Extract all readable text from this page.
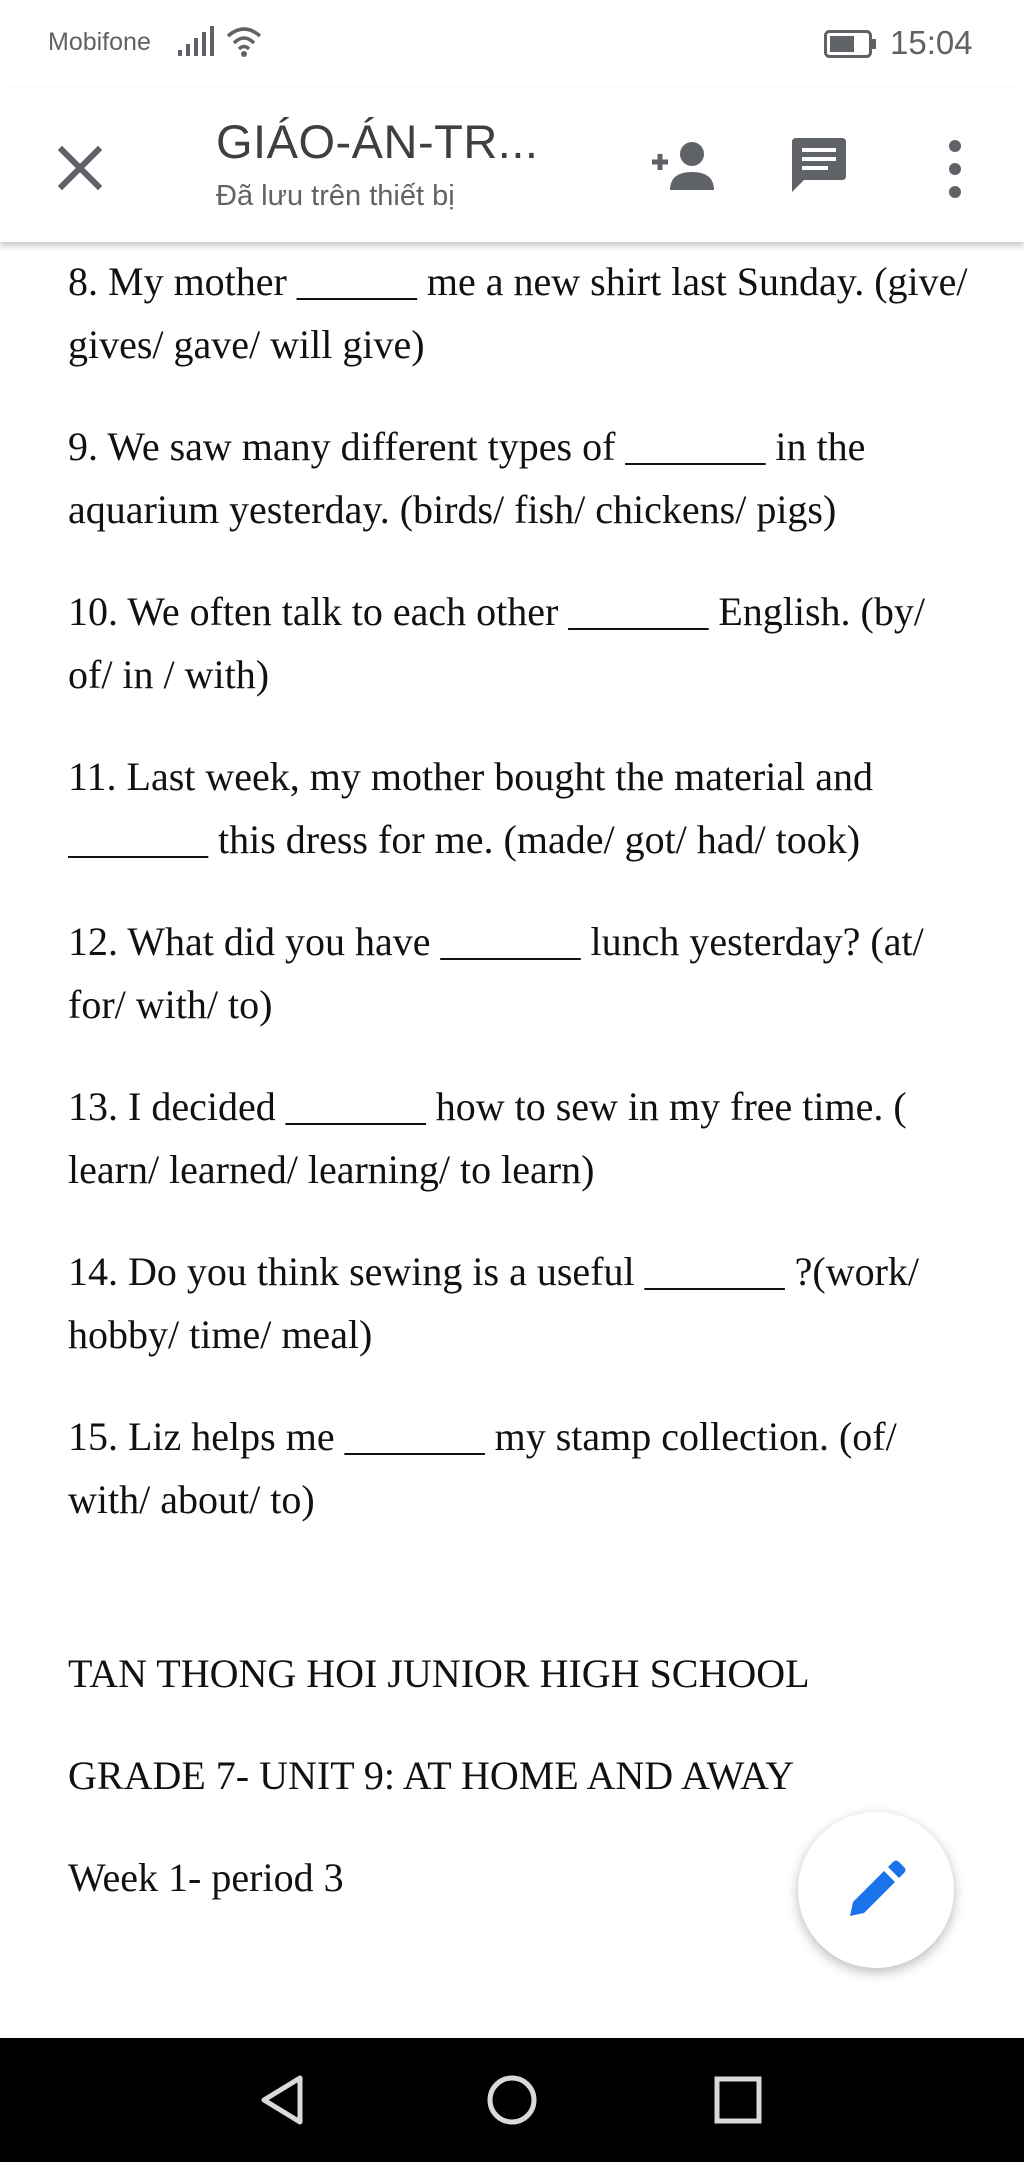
Mobifone	15:04
GIÁO-ÁN-TR...
Đã lưu trên thiết bị

8. My mother ______ me a new shirt last Sunday. (give/ gives/ gave/ will give)

9. We saw many different types of _______ in the aquarium yesterday. (birds/ fish/ chickens/ pigs)

10. We often talk to each other _______ English. (by/ of/ in / with)

11. Last week, my mother bought the material and _______ this dress for me. (made/ got/ had/ took)

12. What did you have _______ lunch yesterday? (at/ for/ with/ to)

13. I decided _______ how to sew in my free time. ( learn/ learned/ learning/ to learn)

14. Do you think sewing is a useful _______ ?(work/ hobby/ time/ meal)

15. Liz helps me _______ my stamp collection. (of/ with/ about/ to)

TAN THONG HOI JUNIOR HIGH SCHOOL

GRADE 7- UNIT 9: AT HOME AND AWAY

Week 1- period 3
